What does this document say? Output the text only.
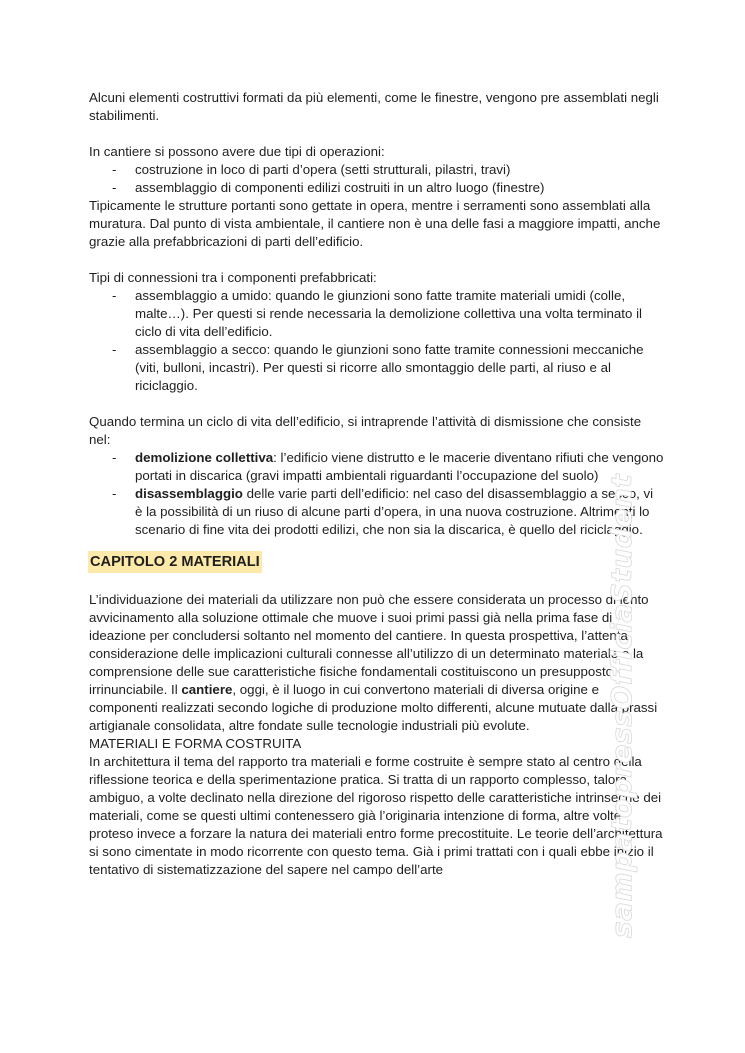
Alcuni elementi costruttivi formati da più elementi, come le finestre, vengono pre assemblati negli stabilimenti.

In cantiere si possono avere due tipi di operazioni:

- costruzione in loco di parti d’opera (setti strutturali, pilastri, travi)
- assemblaggio di componenti edilizi costruiti in un altro luogo (finestre)

Tipicamente le strutture portanti sono gettate in opera, mentre i serramenti sono assemblati alla muratura. Dal punto di vista ambientale, il cantiere non è una delle fasi a maggiore impatti, anche grazie alla prefabbricazioni di parti dell’edificio.

Tipi di connessioni tra i componenti prefabbricati:

- assemblaggio a umido: quando le giunzioni sono fatte tramite materiali umidi (colle, malte…). Per questi si rende necessaria la demolizione collettiva una volta terminato il ciclo di vita dell’edificio.
- assemblaggio a secco: quando le giunzioni sono fatte tramite connessioni meccaniche (viti, bulloni, incastri). Per questi si ricorre allo smontaggio delle parti, al riuso e al riciclaggio.

Quando termina un ciclo di vita dell’edificio, si intraprende l’attività di dismissione che consiste nel:

- demolizione collettiva: l’edificio viene distrutto e le macerie diventano rifiuti che vengono portati in discarica (gravi impatti ambientali riguardanti l’occupazione del suolo)
- disassemblaggio delle varie parti dell’edificio: nel caso del disassemblaggio a secco, vi è la possibilità di un riuso di alcune parti d’opera, in una nuova costruzione. Altrimenti lo scenario di fine vita dei prodotti edilizi, che non sia la discarica, è quello del riciclaggio.
CAPITOLO 2 MATERIALI

L’individuazione dei materiali da utilizzare non può che essere considerata un processo di lento avvicinamento alla soluzione ottimale che muove i suoi primi passi già nella prima fase di ideazione per concludersi soltanto nel momento del cantiere. In questa prospettiva, l’attenta considerazione delle implicazioni culturali connesse all’utilizzo di un determinato materiale e la comprensione delle sue caratteristiche fisiche fondamentali costituiscono un presupposto irrinunciabile. Il cantiere, oggi, è il luogo in cui convertono materiali di diversa origine e componenti realizzati secondo logiche di produzione molto differenti, alcune mutuate dalla prassi artigianale consolidata, altre fondate sulle tecnologie industriali più evolute.

MATERIALI E FORMA COSTRUITA

In architettura il tema del rapporto tra materiali e forme costruite è sempre stato al centro della riflessione teorica e della sperimentazione pratica. Si tratta di un rapporto complesso, talora ambiguo, a volte declinato nella direzione del rigoroso rispetto delle caratteristiche intrinseche dei materiali, come se questi ultimi contenessero già l’originaria intenzione di forma, altre volte proteso invece a forzare la natura dei materiali entro forme precostituite. Le teorie dell’architettura si sono cimentate in modo ricorrente con questo tema. Già i primi trattati con i quali ebbe inizio il tentativo di sistematizzazione del sapere nel campo dell’arte	sampatopressOfficiaStudent
